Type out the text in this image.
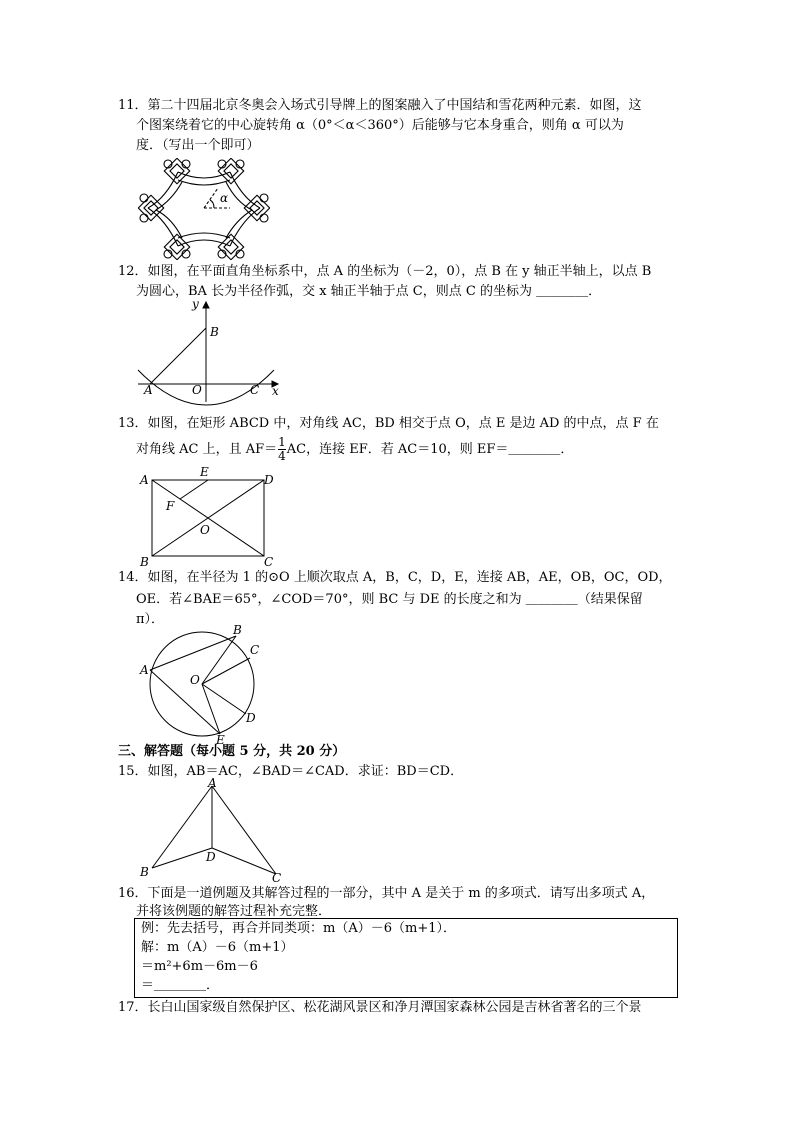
11．第二十四届北京冬奥会入场式引导牌上的图案融入了中国结和雪花两种元素．如图，这
个图案绕着它的中心旋转角 α（0°＜α＜360°）后能够与它本身重合，则角 α 可以为
度．（写出一个即可）
α
12．如图，在平面直角坐标系中，点 A 的坐标为（－2，0），点 B 在 y 轴正半轴上，以点 B
为圆心，BA 长为半径作弧，交 x 轴正半轴于点 C，则点 C 的坐标为 ＿＿＿＿．
y
B
A	O	C x
13．如图，在矩形 ABCD 中，对角线 AC，BD 相交于点 O，点 E 是边 AD 的中点，点 F 在
对角线 AC 上，且 $AF= \frac{1}{4}$ AC，连接 EF．若 AC＝10，则 EF＝＿＿＿＿．
A
E
D
F
O
B	C
14．如图，在半径为 1 的⊙O 上顺次取点 A，B，C，D，E，连接 AB，AE，OB，OC，OD，
OE．若∠BAE＝65°，∠COD＝70°，则 BC 与 DE 的长度之和为 ＿＿＿＿（结果保留
π）．
A
B
C
O
D
E
三、解答题（每小题 5 分，共 20 分）
15．如图，AB＝AC，∠BAD＝∠CAD．求证：BD＝CD．
A
B
D
C
16．下面是一道例题及其解答过程的一部分，其中 A 是关于 m 的多项式．请写出多项式 A，
并将该例题的解答过程补充完整．
例：先去括号，再合并同类项：m（A）－6（m+1）．
解：m（A）－6（m+1）
＝m²+6m－6m－6
＝＿＿＿＿．
17．长白山国家级自然保护区、松花湖风景区和净月潭国家森林公园是吉林省著名的三个景
